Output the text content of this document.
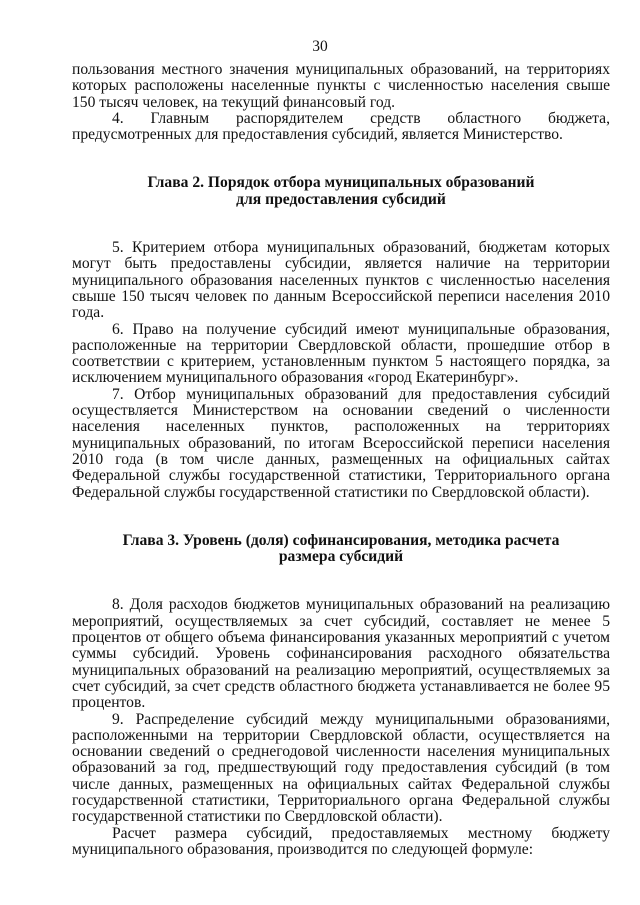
30

пользования местного значения муниципальных образований, на территориях которых расположены населенные пункты с численностью населения свыше 150 тысяч человек, на текущий финансовый год.

4. Главным распорядителем средств областного бюджета, предусмотренных для предоставления субсидий, является Министерство.

Глава 2. Порядок отбора муниципальных образований

для предоставления субсидий

5. Критерием отбора муниципальных образований, бюджетам которых могут быть предоставлены субсидии, является наличие на территории муниципального образования населенных пунктов с численностью населения свыше 150 тысяч человек по данным Всероссийской переписи населения 2010 года.

6. Право на получение субсидий имеют муниципальные образования, расположенные на территории Свердловской области, прошедшие отбор в соответствии с критерием, установленным пунктом 5 настоящего порядка, за исключением муниципального образования «город Екатеринбург».

7. Отбор муниципальных образований для предоставления субсидий осуществляется Министерством на основании сведений о численности населения населенных пунктов, расположенных на территориях муниципальных образований, по итогам Всероссийской переписи населения 2010 года (в том числе данных, размещенных на официальных сайтах Федеральной службы государственной статистики, Территориального органа Федеральной службы государственной статистики по Свердловской области).

Глава 3. Уровень (доля) софинансирования, методика расчета

размера субсидий

8. Доля расходов бюджетов муниципальных образований на реализацию мероприятий, осуществляемых за счет субсидий, составляет не менее 5 процентов от общего объема финансирования указанных мероприятий с учетом суммы субсидий. Уровень софинансирования расходного обязательства муниципальных образований на реализацию мероприятий, осуществляемых за счет субсидий, за счет средств областного бюджета устанавливается не более 95 процентов.

9. Распределение субсидий между муниципальными образованиями, расположенными на территории Свердловской области, осуществляется на основании сведений о среднегодовой численности населения муниципальных образований за год, предшествующий году предоставления субсидий (в том числе данных, размещенных на официальных сайтах Федеральной службы государственной статистики, Территориального органа Федеральной службы государственной статистики по Свердловской области).

Расчет размера субсидий, предоставляемых местному бюджету муниципального образования, производится по следующей формуле:
